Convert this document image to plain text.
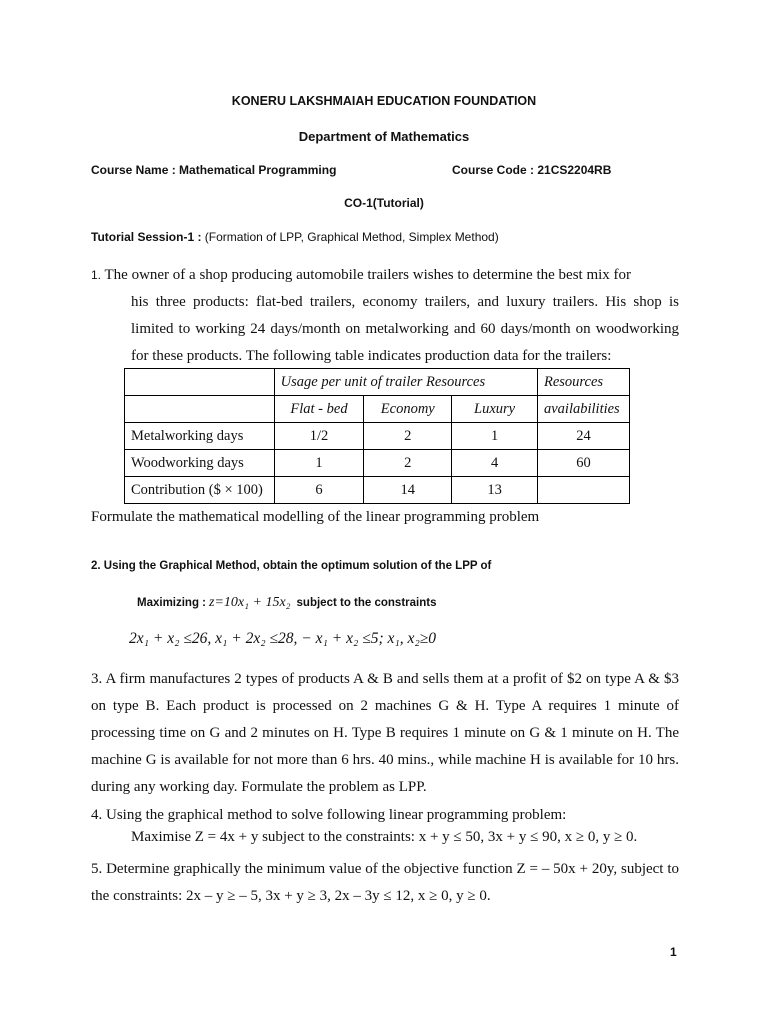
KONERU LAKSHMAIAH EDUCATION FOUNDATION
Department of Mathematics
Course Name : Mathematical Programming	Course Code : 21CS2204RB
CO-1(Tutorial)
Tutorial Session-1 : (Formation of LPP, Graphical Method, Simplex Method)
1. The owner of a shop producing automobile trailers wishes to determine the best mix for
his three products: flat-bed trailers, economy trailers, and luxury trailers. His shop is limited to working 24 days/month on metalworking and 60 days/month on woodworking for these products. The following table indicates production data for the trailers:
	Usage per unit of trailer Resources			Resources
	Flat - bed	Economy	Luxury	availabilities
Metalworking days	1/2	2	1	24
Woodworking days	1	2	4	60
Contribution ($ × 100)	6	14	13	
Formulate the mathematical modelling of the linear programming problem
2. Using the Graphical Method, obtain the optimum solution of the LPP of
Maximizing : z=10x₁ + 15x₂ subject to the constraints
2x₁ + x₂ ≤26, x₁ + 2x₂ ≤28, − x₁ + x₂ ≤5; x₁, x₂≥0
3. A firm manufactures 2 types of products A & B and sells them at a profit of $2 on type A & $3 on type B. Each product is processed on 2 machines G & H. Type A requires 1 minute of processing time on G and 2 minutes on H. Type B requires 1 minute on G & 1 minute on H. The machine G is available for not more than 6 hrs. 40 mins., while machine H is available for 10 hrs. during any working day. Formulate the problem as LPP.
4. Using the graphical method to solve following linear programming problem:
Maximise Z = 4x + y subject to the constraints: x + y ≤ 50, 3x + y ≤ 90, x ≥ 0, y ≥ 0.
5. Determine graphically the minimum value of the objective function Z = – 50x + 20y, subject to the constraints: 2x – y ≥ – 5, 3x + y ≥ 3, 2x – 3y ≤ 12, x ≥ 0, y ≥ 0.
1
